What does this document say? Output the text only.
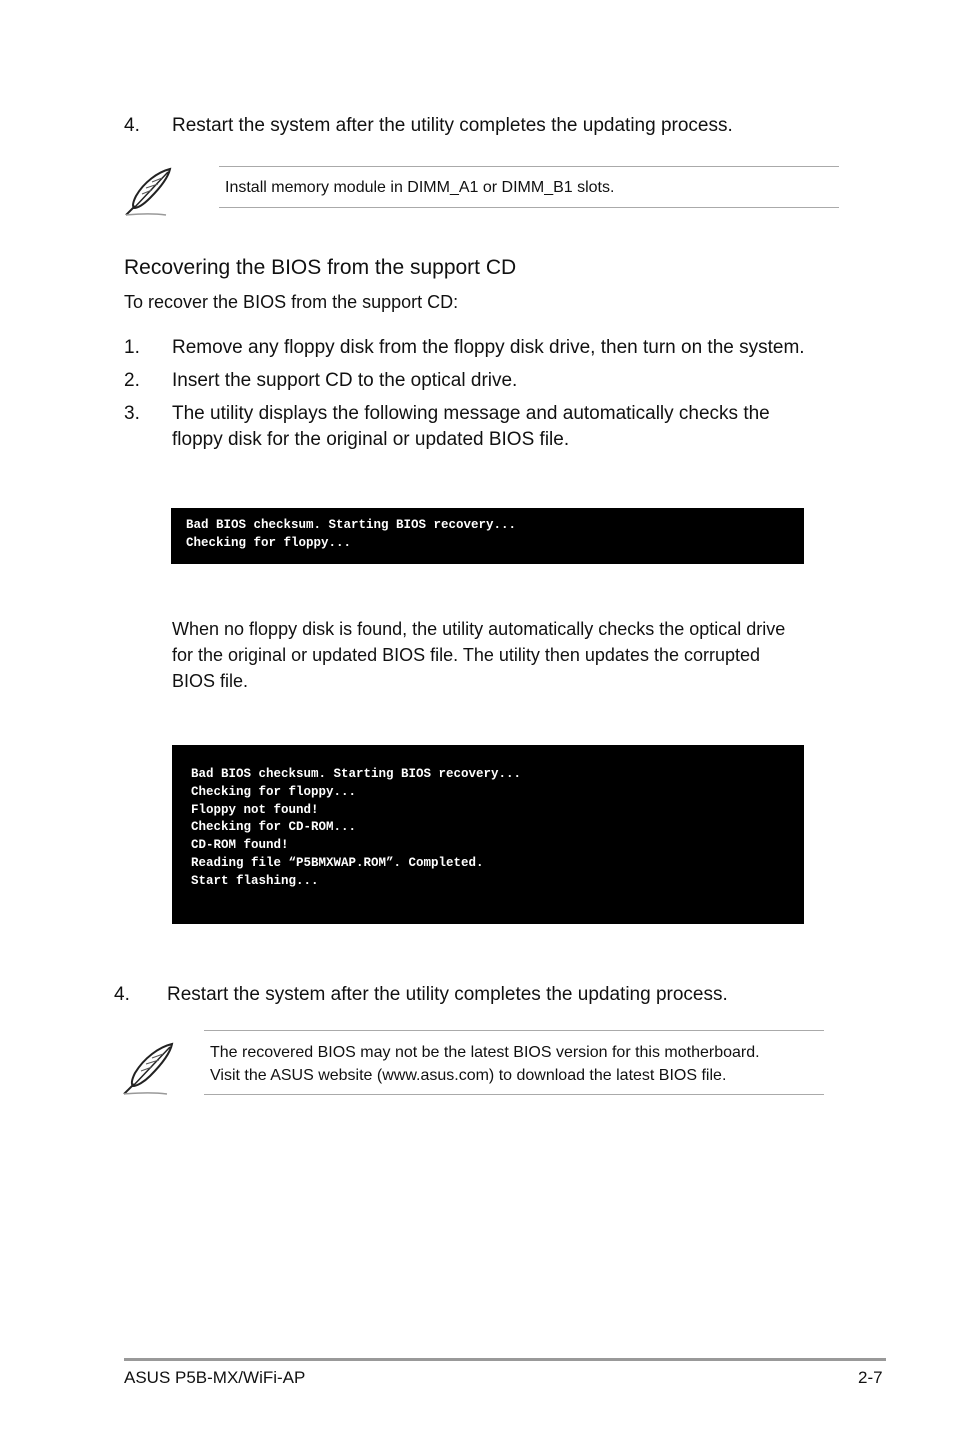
4. Restart the system after the utility completes the updating process.
Install memory module in DIMM_A1 or DIMM_B1 slots.
Recovering the BIOS from the support CD
To recover the BIOS from the support CD:
1. Remove any floppy disk from the floppy disk drive, then turn on the system.
2. Insert the support CD to the optical drive.
3. The utility displays the following message and automatically checks the
floppy disk for the original or updated BIOS file.
Bad BIOS checksum. Starting BIOS recovery...
Checking for floppy...
When no floppy disk is found, the utility automatically checks the optical drive
for the original or updated BIOS file. The utility then updates the corrupted
BIOS file.
Bad BIOS checksum. Starting BIOS recovery...
Checking for floppy...
Floppy not found!
Checking for CD-ROM...
CD-ROM found!
Reading file “P5BMXWAP.ROM”. Completed.
Start flashing...
4. Restart the system after the utility completes the updating process.
The recovered BIOS may not be the latest BIOS version for this motherboard.
Visit the ASUS website (www.asus.com) to download the latest BIOS file.
ASUS P5B-MX/WiFi-AP	2-7
